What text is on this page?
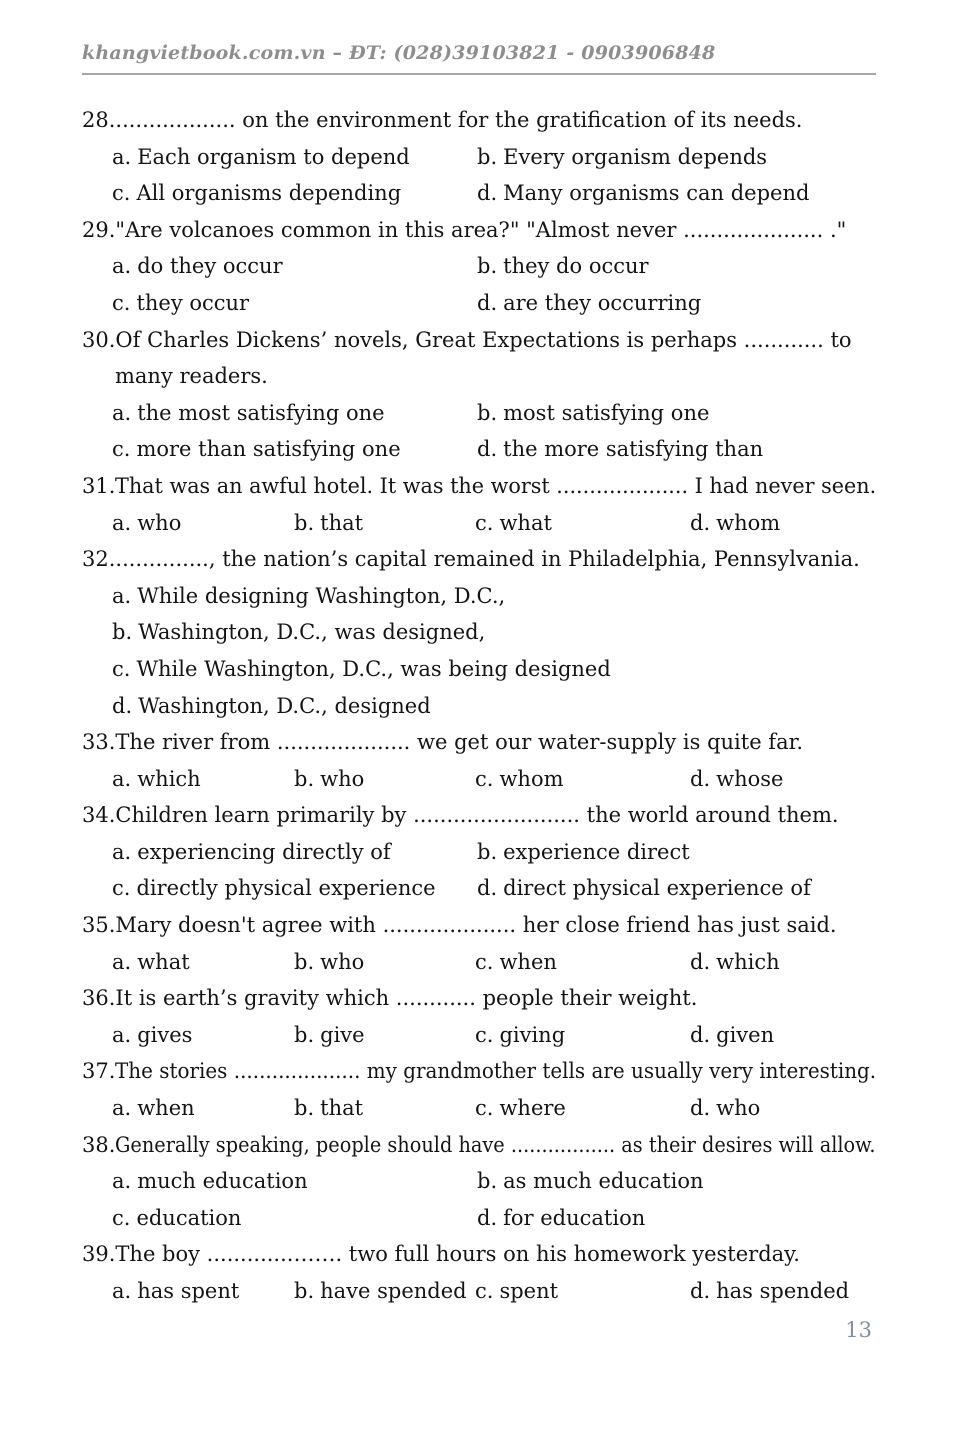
khangvietbook.com.vn – ĐT: (028)39103821 - 0903906848
28. .................. on the environment for the gratification of its needs.
a. Each organism to depend	b. Every organism depends
c. All organisms depending	d. Many organisms can depend
29. "Are volcanoes common in this area?" "Almost never ..................... ."
a. do they occur	b. they do occur
c. they occur	d. are they occurring
30. Of Charles Dickens’ novels, Great Expectations is perhaps ............ to
many readers.
a. the most satisfying one	b. most satisfying one
c. more than satisfying one	d. the more satisfying than
31. That was an awful hotel. It was the worst .................... I had never seen.
a. who	b. that	c. what	d. whom
32. .............., the nation’s capital remained in Philadelphia, Pennsylvania.
a. While designing Washington, D.C.,
b. Washington, D.C., was designed,
c. While Washington, D.C., was being designed
d. Washington, D.C., designed
33. The river from .................... we get our water-supply is quite far.
a. which	b. who	c. whom	d. whose
34. Children learn primarily by ......................... the world around them.
a. experiencing directly of	b. experience direct
c. directly physical experience	d. direct physical experience of
35. Mary doesn't agree with .................... her close friend has just said.
a. what	b. who	c. when	d. which
36. It is earth’s gravity which ............ people their weight.
a. gives	b. give	c. giving	d. given
37. The stories .................... my grandmother tells are usually very interesting.
a. when	b. that	c. where	d. who
38. Generally speaking, people should have ................. as their desires will allow.
a. much education	b. as much education
c. education	d. for education
39. The boy .............……. two full hours on his homework yesterday.
a. has spent	b. have spended c. spent	d. has spended
13
